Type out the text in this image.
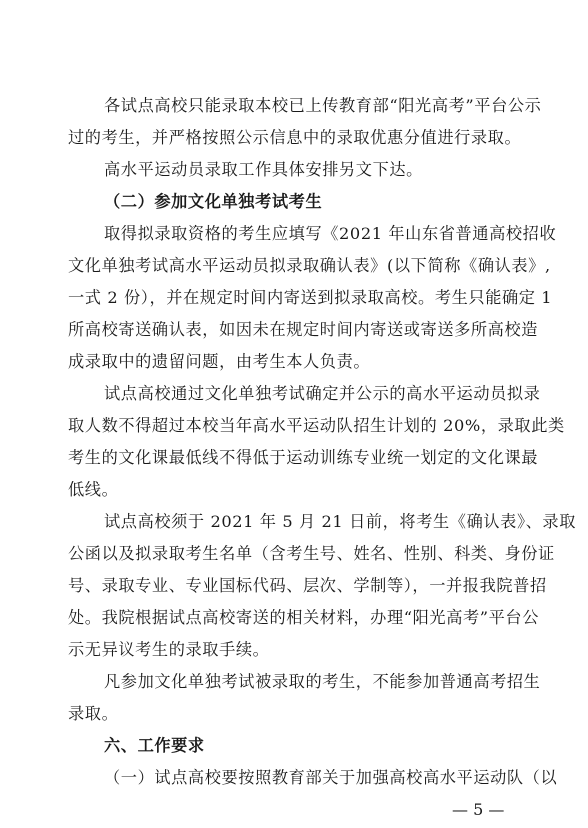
各试点高校只能录取本校已上传教育部“阳光高考”平台公示
过的考生，并严格按照公示信息中的录取优惠分值进行录取。
高水平运动员录取工作具体安排另文下达。
（二）参加文化单独考试考生
取得拟录取资格的考生应填写《2021 年山东省普通高校招收
文化单独考试高水平运动员拟录取确认表》(以下简称《确认表》,
一式 2 份），并在规定时间内寄送到拟录取高校。考生只能确定 1
所高校寄送确认表，如因未在规定时间内寄送或寄送多所高校造
成录取中的遗留问题，由考生本人负责。
试点高校通过文化单独考试确定并公示的高水平运动员拟录
取人数不得超过本校当年高水平运动队招生计划的 20%，录取此类
考生的文化课最低线不得低于运动训练专业统一划定的文化课最
低线。
试点高校须于 2021 年 5 月 21 日前，将考生《确认表》、录取
公函以及拟录取考生名单（含考生号、姓名、性别、科类、身份证
号、录取专业、专业国标代码、层次、学制等），一并报我院普招
处。我院根据试点高校寄送的相关材料，办理“阳光高考”平台公
示无异议考生的录取手续。
凡参加文化单独考试被录取的考生，不能参加普通高考招生
录取。
六、工作要求
（一）试点高校要按照教育部关于加强高校高水平运动队（以
— 5 —
